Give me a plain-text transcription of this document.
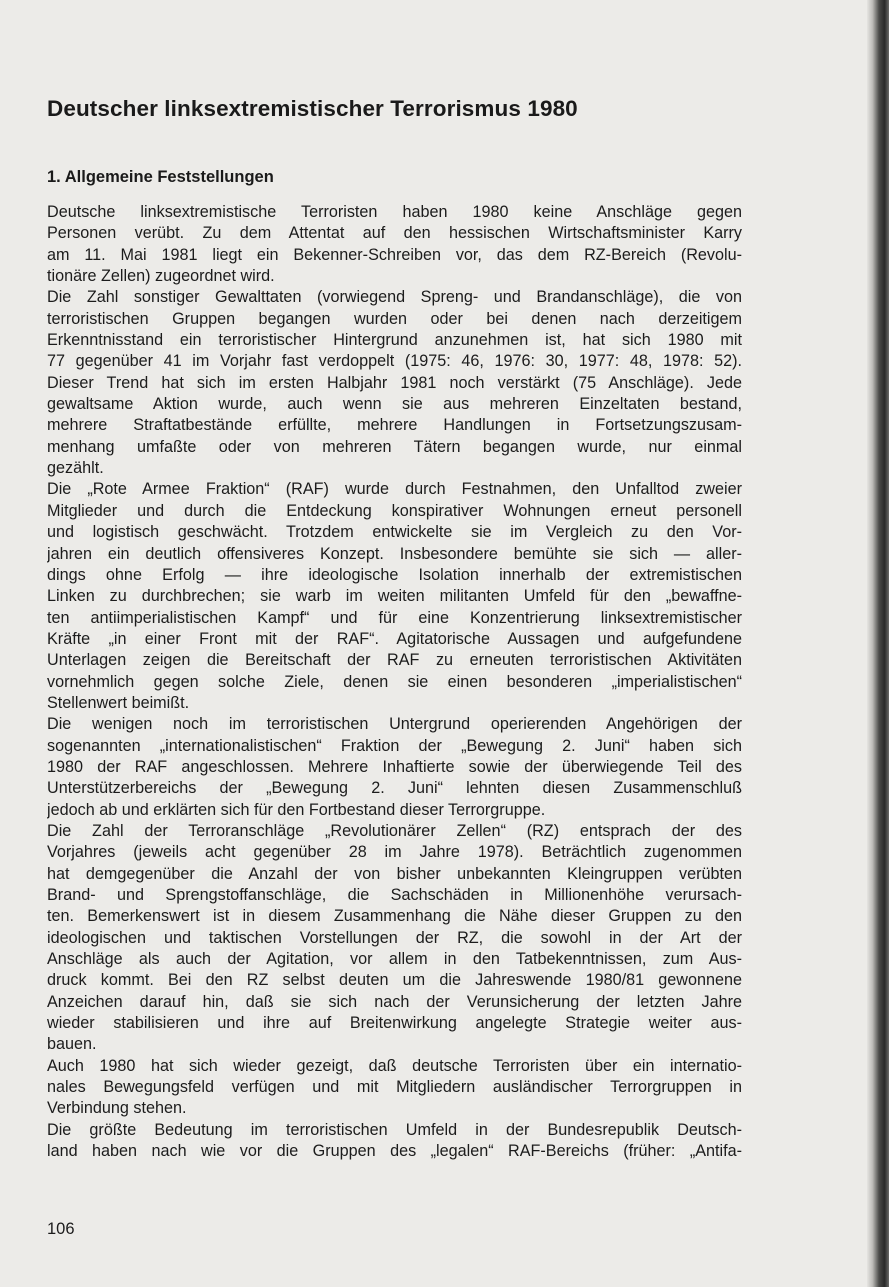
Deutscher linksextremistischer Terrorismus 1980
1. Allgemeine Feststellungen
Deutsche linksextremistische Terroristen haben 1980 keine Anschläge gegen
Personen verübt. Zu dem Attentat auf den hessischen Wirtschaftsminister Karry
am 11. Mai 1981 liegt ein Bekenner-Schreiben vor, das dem RZ-Bereich (Revolu-
tionäre Zellen) zugeordnet wird.
Die Zahl sonstiger Gewalttaten (vorwiegend Spreng- und Brandanschläge), die von
terroristischen Gruppen begangen wurden oder bei denen nach derzeitigem
Erkenntnisstand ein terroristischer Hintergrund anzunehmen ist, hat sich 1980 mit
77 gegenüber 41 im Vorjahr fast verdoppelt (1975: 46, 1976: 30, 1977: 48, 1978: 52).
Dieser Trend hat sich im ersten Halbjahr 1981 noch verstärkt (75 Anschläge). Jede
gewaltsame Aktion wurde, auch wenn sie aus mehreren Einzeltaten bestand,
mehrere Straftatbestände erfüllte, mehrere Handlungen in Fortsetzungszusam-
menhang umfaßte oder von mehreren Tätern begangen wurde, nur einmal
gezählt.
Die „Rote Armee Fraktion“ (RAF) wurde durch Festnahmen, den Unfalltod zweier
Mitglieder und durch die Entdeckung konspirativer Wohnungen erneut personell
und logistisch geschwächt. Trotzdem entwickelte sie im Vergleich zu den Vor-
jahren ein deutlich offensiveres Konzept. Insbesondere bemühte sie sich — aller-
dings ohne Erfolg — ihre ideologische Isolation innerhalb der extremistischen
Linken zu durchbrechen; sie warb im weiten militanten Umfeld für den „bewaffne-
ten antiimperialistischen Kampf“ und für eine Konzentrierung linksextremistischer
Kräfte „in einer Front mit der RAF“. Agitatorische Aussagen und aufgefundene
Unterlagen zeigen die Bereitschaft der RAF zu erneuten terroristischen Aktivitäten
vornehmlich gegen solche Ziele, denen sie einen besonderen „imperialistischen“
Stellenwert beimißt.
Die wenigen noch im terroristischen Untergrund operierenden Angehörigen der
sogenannten „internationalistischen“ Fraktion der „Bewegung 2. Juni“ haben sich
1980 der RAF angeschlossen. Mehrere Inhaftierte sowie der überwiegende Teil des
Unterstützerbereichs der „Bewegung 2. Juni“ lehnten diesen Zusammenschluß
jedoch ab und erklärten sich für den Fortbestand dieser Terrorgruppe.
Die Zahl der Terroranschläge „Revolutionärer Zellen“ (RZ) entsprach der des
Vorjahres (jeweils acht gegenüber 28 im Jahre 1978). Beträchtlich zugenommen
hat demgegenüber die Anzahl der von bisher unbekannten Kleingruppen verübten
Brand- und Sprengstoffanschläge, die Sachschäden in Millionenhöhe verursach-
ten. Bemerkenswert ist in diesem Zusammenhang die Nähe dieser Gruppen zu den
ideologischen und taktischen Vorstellungen der RZ, die sowohl in der Art der
Anschläge als auch der Agitation, vor allem in den Tatbekenntnissen, zum Aus-
druck kommt. Bei den RZ selbst deuten um die Jahreswende 1980/81 gewonnene
Anzeichen darauf hin, daß sie sich nach der Verunsicherung der letzten Jahre
wieder stabilisieren und ihre auf Breitenwirkung angelegte Strategie weiter aus-
bauen.
Auch 1980 hat sich wieder gezeigt, daß deutsche Terroristen über ein internatio-
nales Bewegungsfeld verfügen und mit Mitgliedern ausländischer Terrorgruppen in
Verbindung stehen.
Die größte Bedeutung im terroristischen Umfeld in der Bundesrepublik Deutsch-
land haben nach wie vor die Gruppen des „legalen“ RAF-Bereichs (früher: „Antifa-
106
